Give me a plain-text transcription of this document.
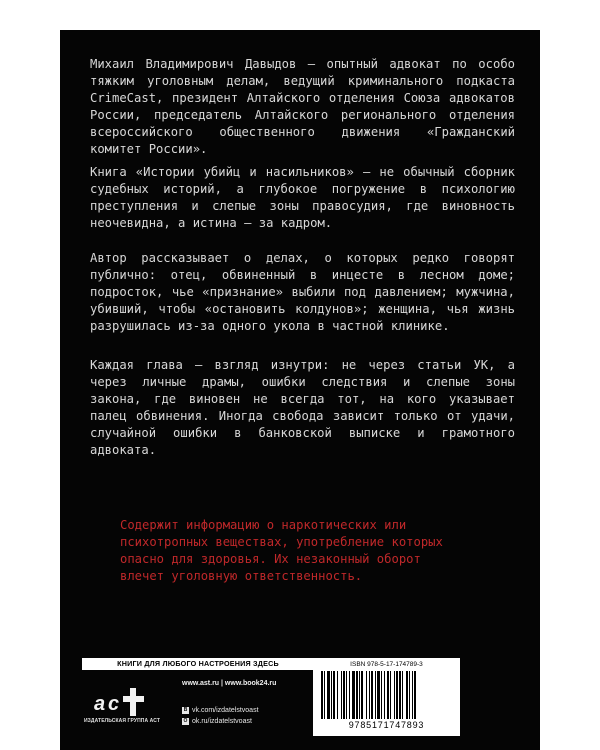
Михаил Владимирович Давыдов — опытный адвокат по особо тяжким уголовным делам, ведущий криминального подкаста CrimeCast, президент Алтайского отделения Союза адвокатов России, председатель Алтайского регионального отделения всероссийского общественного движения «Гражданский комитет России».

Книга «Истории убийц и насильников» — не обычный сборник судебных историй, а глубокое погружение в психологию преступления и слепые зоны правосудия, где виновность неочевидна, а истина — за кадром.

Автор рассказывает о делах, о которых редко говорят публично: отец, обвиненный в инцесте в лесном доме; подросток, чье «признание» выбили под давлением; мужчина, убивший, чтобы «остановить колдунов»; женщина, чья жизнь разрушилась из-за одного укола в частной клинике.

Каждая глава — взгляд изнутри: не через статьи УК, а через личные драмы, ошибки следствия и слепые зоны закона, где виновен не всегда тот, на кого указывает палец обвинения. Иногда свобода зависит только от удачи, случайной ошибки в банковской выписке и грамотного адвоката.

Содержит информацию о наркотических или психотропных веществах, употребление которых опасно для здоровья. Их незаконный оборот влечет уголовную ответственность.

КНИГИ ДЛЯ ЛЮБОГО НАСТРОЕНИЯ ЗДЕСЬ
a c
ИЗДАТЕЛЬСКАЯ ГРУППА АСТ
www.ast.ru | www.book24.ru
В vk.com/izdatelstvoast
О ok.ru/izdatelstvoast
ISBN 978-5-17-174789-3
9785171747893
